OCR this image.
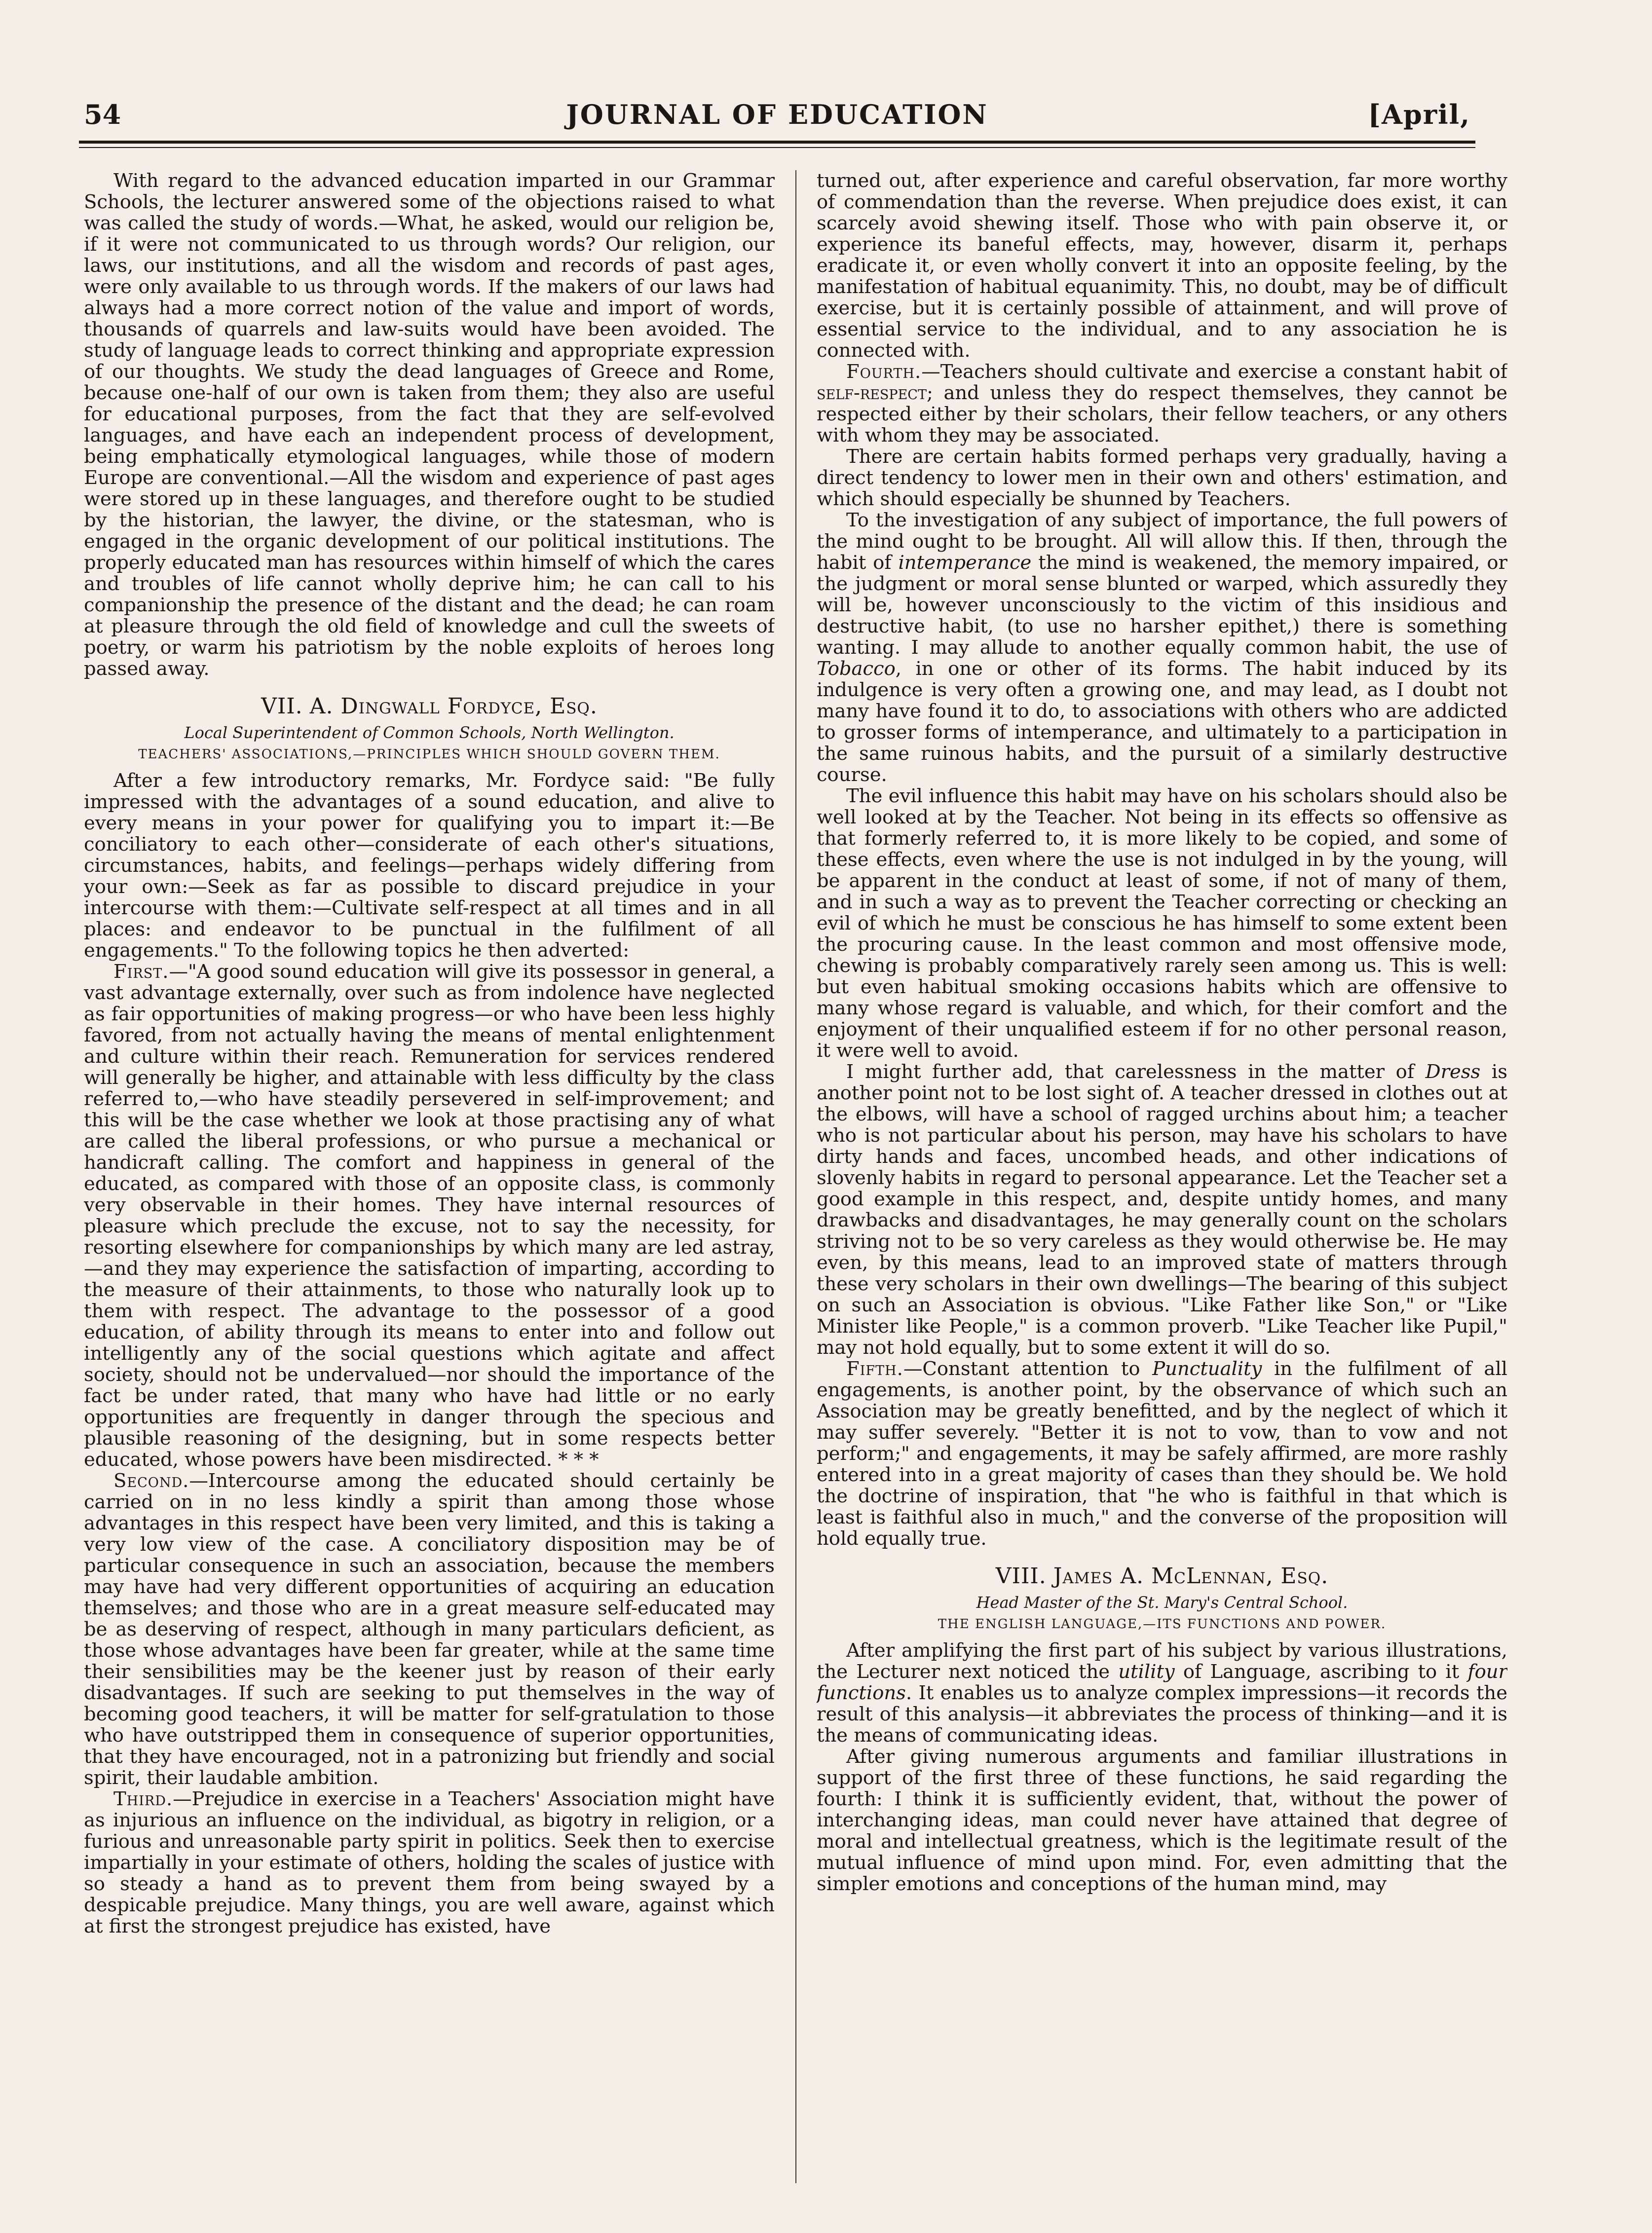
54	JOURNAL OF EDUCATION	[April,

With regard to the advanced education imparted in our Grammar Schools, the lecturer answered some of the objections raised to what was called the study of words.—What, he asked, would our religion be, if it were not communicated to us through words? Our religion, our laws, our institutions, and all the wisdom and records of past ages, were only available to us through words. If the makers of our laws had always had a more correct notion of the value and import of words, thousands of quarrels and law-suits would have been avoided. The study of language leads to correct thinking and appropriate expression of our thoughts. We study the dead languages of Greece and Rome, because one-half of our own is taken from them; they also are useful for educational purposes, from the fact that they are self-evolved languages, and have each an independent process of development, being emphatically etymological languages, while those of modern Europe are conventional.—All the wisdom and experience of past ages were stored up in these languages, and therefore ought to be studied by the historian, the lawyer, the divine, or the statesman, who is engaged in the organic development of our political institutions. The properly educated man has resources within himself of which the cares and troubles of life cannot wholly deprive him; he can call to his companionship the presence of the distant and the dead; he can roam at pleasure through the old field of knowledge and cull the sweets of poetry, or warm his patriotism by the noble exploits of heroes long passed away.

VII. A. Dingwall Fordyce, Esq.
Local Superintendent of Common Schools, North Wellington.
TEACHERS' ASSOCIATIONS,—PRINCIPLES WHICH SHOULD GOVERN THEM.

After a few introductory remarks, Mr. Fordyce said: "Be fully impressed with the advantages of a sound education, and alive to every means in your power for qualifying you to impart it:—Be conciliatory to each other—considerate of each other's situations, circumstances, habits, and feelings—perhaps widely differing from your own:—Seek as far as possible to discard prejudice in your intercourse with them:—Cultivate self-respect at all times and in all places: and endeavor to be punctual in the fulfilment of all engagements." To the following topics he then adverted:

First.—"A good sound education will give its possessor in general, a vast advantage externally, over such as from indolence have neglected as fair opportunities of making progress—or who have been less highly favored, from not actually having the means of mental enlightenment and culture within their reach. Remuneration for services rendered will generally be higher, and attainable with less difficulty by the class referred to,—who have steadily persevered in self-improvement; and this will be the case whether we look at those practising any of what are called the liberal professions, or who pursue a mechanical or handicraft calling. The comfort and happiness in general of the educated, as compared with those of an opposite class, is commonly very observable in their homes. They have internal resources of pleasure which preclude the excuse, not to say the necessity, for resorting elsewhere for companionships by which many are led astray,—and they may experience the satisfaction of imparting, according to the measure of their attainments, to those who naturally look up to them with respect. The advantage to the possessor of a good education, of ability through its means to enter into and follow out intelligently any of the social questions which agitate and affect society, should not be undervalued—nor should the importance of the fact be under rated, that many who have had little or no early opportunities are frequently in danger through the specious and plausible reasoning of the designing, but in some respects better educated, whose powers have been misdirected. * * *

Second.—Intercourse among the educated should certainly be carried on in no less kindly a spirit than among those whose advantages in this respect have been very limited, and this is taking a very low view of the case. A conciliatory disposition may be of particular consequence in such an association, because the members may have had very different opportunities of acquiring an education themselves; and those who are in a great measure self-educated may be as deserving of respect, although in many particulars deficient, as those whose advantages have been far greater, while at the same time their sensibilities may be the keener just by reason of their early disadvantages. If such are seeking to put themselves in the way of becoming good teachers, it will be matter for self-gratulation to those who have outstripped them in consequence of superior opportunities, that they have encouraged, not in a patronizing but friendly and social spirit, their laudable ambition.

Third.—Prejudice in exercise in a Teachers' Association might have as injurious an influence on the individual, as bigotry in religion, or a furious and unreasonable party spirit in politics. Seek then to exercise impartially in your estimate of others, holding the scales of justice with so steady a hand as to prevent them from being swayed by a despicable prejudice. Many things, you are well aware, against which at first the strongest prejudice has existed, have

turned out, after experience and careful observation, far more worthy of commendation than the reverse. When prejudice does exist, it can scarcely avoid shewing itself. Those who with pain observe it, or experience its baneful effects, may, however, disarm it, perhaps eradicate it, or even wholly convert it into an opposite feeling, by the manifestation of habitual equanimity. This, no doubt, may be of difficult exercise, but it is certainly possible of attainment, and will prove of essential service to the individual, and to any association he is connected with.

Fourth.—Teachers should cultivate and exercise a constant habit of self-respect; and unless they do respect themselves, they cannot be respected either by their scholars, their fellow teachers, or any others with whom they may be associated.

There are certain habits formed perhaps very gradually, having a direct tendency to lower men in their own and others' estimation, and which should especially be shunned by Teachers.

To the investigation of any subject of importance, the full powers of the mind ought to be brought. All will allow this. If then, through the habit of intemperance the mind is weakened, the memory impaired, or the judgment or moral sense blunted or warped, which assuredly they will be, however unconsciously to the victim of this insidious and destructive habit, (to use no harsher epithet,) there is something wanting. I may allude to another equally common habit, the use of Tobacco, in one or other of its forms. The habit induced by its indulgence is very often a growing one, and may lead, as I doubt not many have found it to do, to associations with others who are addicted to grosser forms of intemperance, and ultimately to a participation in the same ruinous habits, and the pursuit of a similarly destructive course.

The evil influence this habit may have on his scholars should also be well looked at by the Teacher. Not being in its effects so offensive as that formerly referred to, it is more likely to be copied, and some of these effects, even where the use is not indulged in by the young, will be apparent in the conduct at least of some, if not of many of them, and in such a way as to prevent the Teacher correcting or checking an evil of which he must be conscious he has himself to some extent been the procuring cause. In the least common and most offensive mode, chewing is probably comparatively rarely seen among us. This is well: but even habitual smoking occasions habits which are offensive to many whose regard is valuable, and which, for their comfort and the enjoyment of their unqualified esteem if for no other personal reason, it were well to avoid.

I might further add, that carelessness in the matter of Dress is another point not to be lost sight of. A teacher dressed in clothes out at the elbows, will have a school of ragged urchins about him; a teacher who is not particular about his person, may have his scholars to have dirty hands and faces, uncombed heads, and other indications of slovenly habits in regard to personal appearance. Let the Teacher set a good example in this respect, and, despite untidy homes, and many drawbacks and disadvantages, he may generally count on the scholars striving not to be so very careless as they would otherwise be. He may even, by this means, lead to an improved state of matters through these very scholars in their own dwellings—The bearing of this subject on such an Association is obvious. "Like Father like Son," or "Like Minister like People," is a common proverb. "Like Teacher like Pupil," may not hold equally, but to some extent it will do so.

Fifth.—Constant attention to Punctuality in the fulfilment of all engagements, is another point, by the observance of which such an Association may be greatly benefitted, and by the neglect of which it may suffer severely. "Better it is not to vow, than to vow and not perform;" and engagements, it may be safely affirmed, are more rashly entered into in a great majority of cases than they should be. We hold the doctrine of inspiration, that "he who is faithful in that which is least is faithful also in much," and the converse of the proposition will hold equally true.

VIII. James A. McLennan, Esq.
Head Master of the St. Mary's Central School.
THE ENGLISH LANGUAGE,—ITS FUNCTIONS AND POWER.

After amplifying the first part of his subject by various illustrations, the Lecturer next noticed the utility of Language, ascribing to it four functions. It enables us to analyze complex impressions—it records the result of this analysis—it abbreviates the process of thinking—and it is the means of communicating ideas.

After giving numerous arguments and familiar illustrations in support of the first three of these functions, he said regarding the fourth: I think it is sufficiently evident, that, without the power of interchanging ideas, man could never have attained that degree of moral and intellectual greatness, which is the legitimate result of the mutual influence of mind upon mind. For, even admitting that the simpler emotions and conceptions of the human mind, may
